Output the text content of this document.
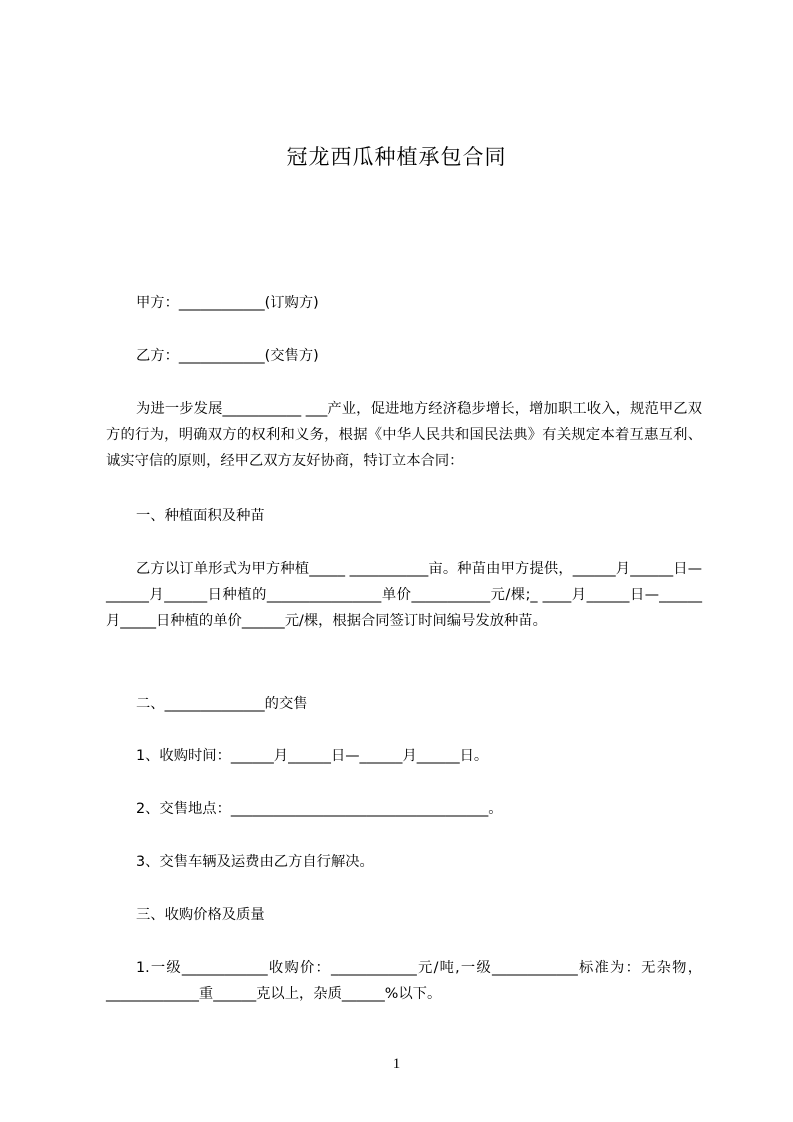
冠龙西瓜种植承包合同
甲方：____________(订购方)
乙方：____________(交售方)
为进一步发展___________ ___产业，促进地方经济稳步增长，增加职工收入，规范甲乙双方的行为，明确双方的权利和义务，根据《中华人民共和国民法典》有关规定本着互惠互利、诚实守信的原则，经甲乙双方友好协商，特订立本合同：
一、种植面积及种苗
乙方以订单形式为甲方种植_____ ___________亩。种苗由甲方提供，______月______日—______月______日种植的________________单价___________元/棵;_ ____月______日—______月_____日种植的单价______元/棵，根据合同签订时间编号发放种苗。
二、______________的交售
1、收购时间：______月______日—______月______日。
2、交售地点：____________________________________。
3、交售车辆及运费由乙方自行解决。
三、收购价格及质量
1.一级____________收购价：____________元/吨,一级____________标准为：无杂物，_____________重______克以上，杂质______%以下。
1
